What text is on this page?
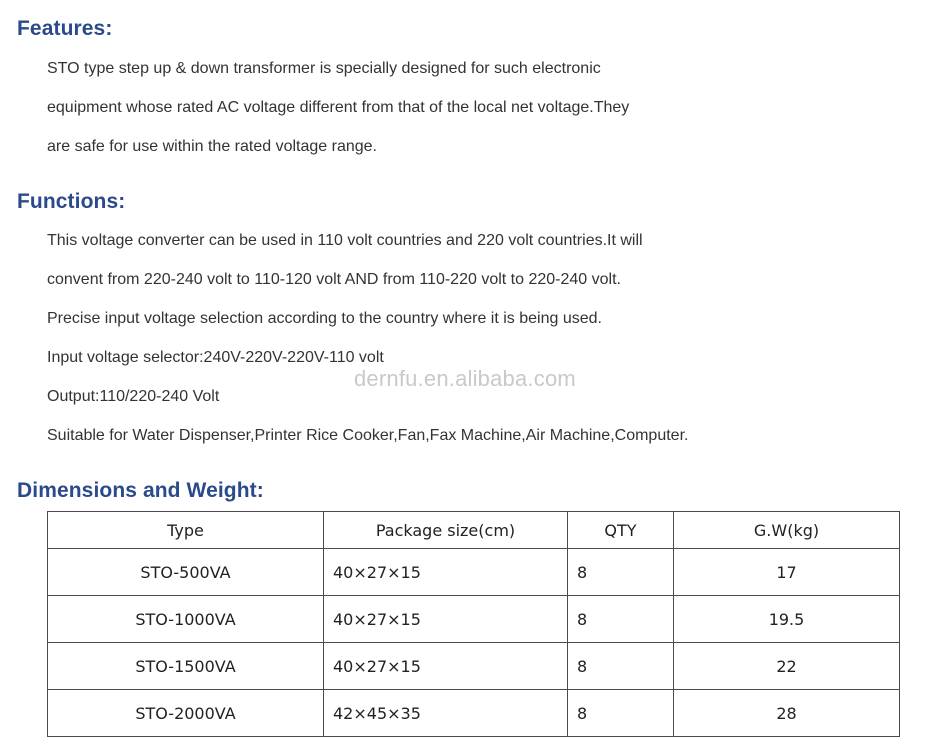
Features:

STO type step up & down transformer is specially designed for such electronic

equipment whose rated AC voltage different from that of the local net voltage.They

are safe for use within the rated voltage range.

Functions:

This voltage converter can be used in 110 volt countries and 220 volt countries.It will

convent from 220-240 volt to 110-120 volt AND from 110-220 volt to 220-240 volt.

Precise input voltage selection according to the country where it is being used.

Input voltage selector:240V-220V-220V-110 volt

Output:110/220-240 Volt

Suitable for Water Dispenser,Printer Rice Cooker,Fan,Fax Machine,Air Machine,Computer.

dernfu.en.alibaba.com
Dimensions and Weight:
Type	Package size(cm)	QTY	G.W(kg)
STO-500VA	40×27×15	8	17
STO-1000VA	40×27×15	8	19.5
STO-1500VA	40×27×15	8	22
STO-2000VA	42×45×35	8	28
